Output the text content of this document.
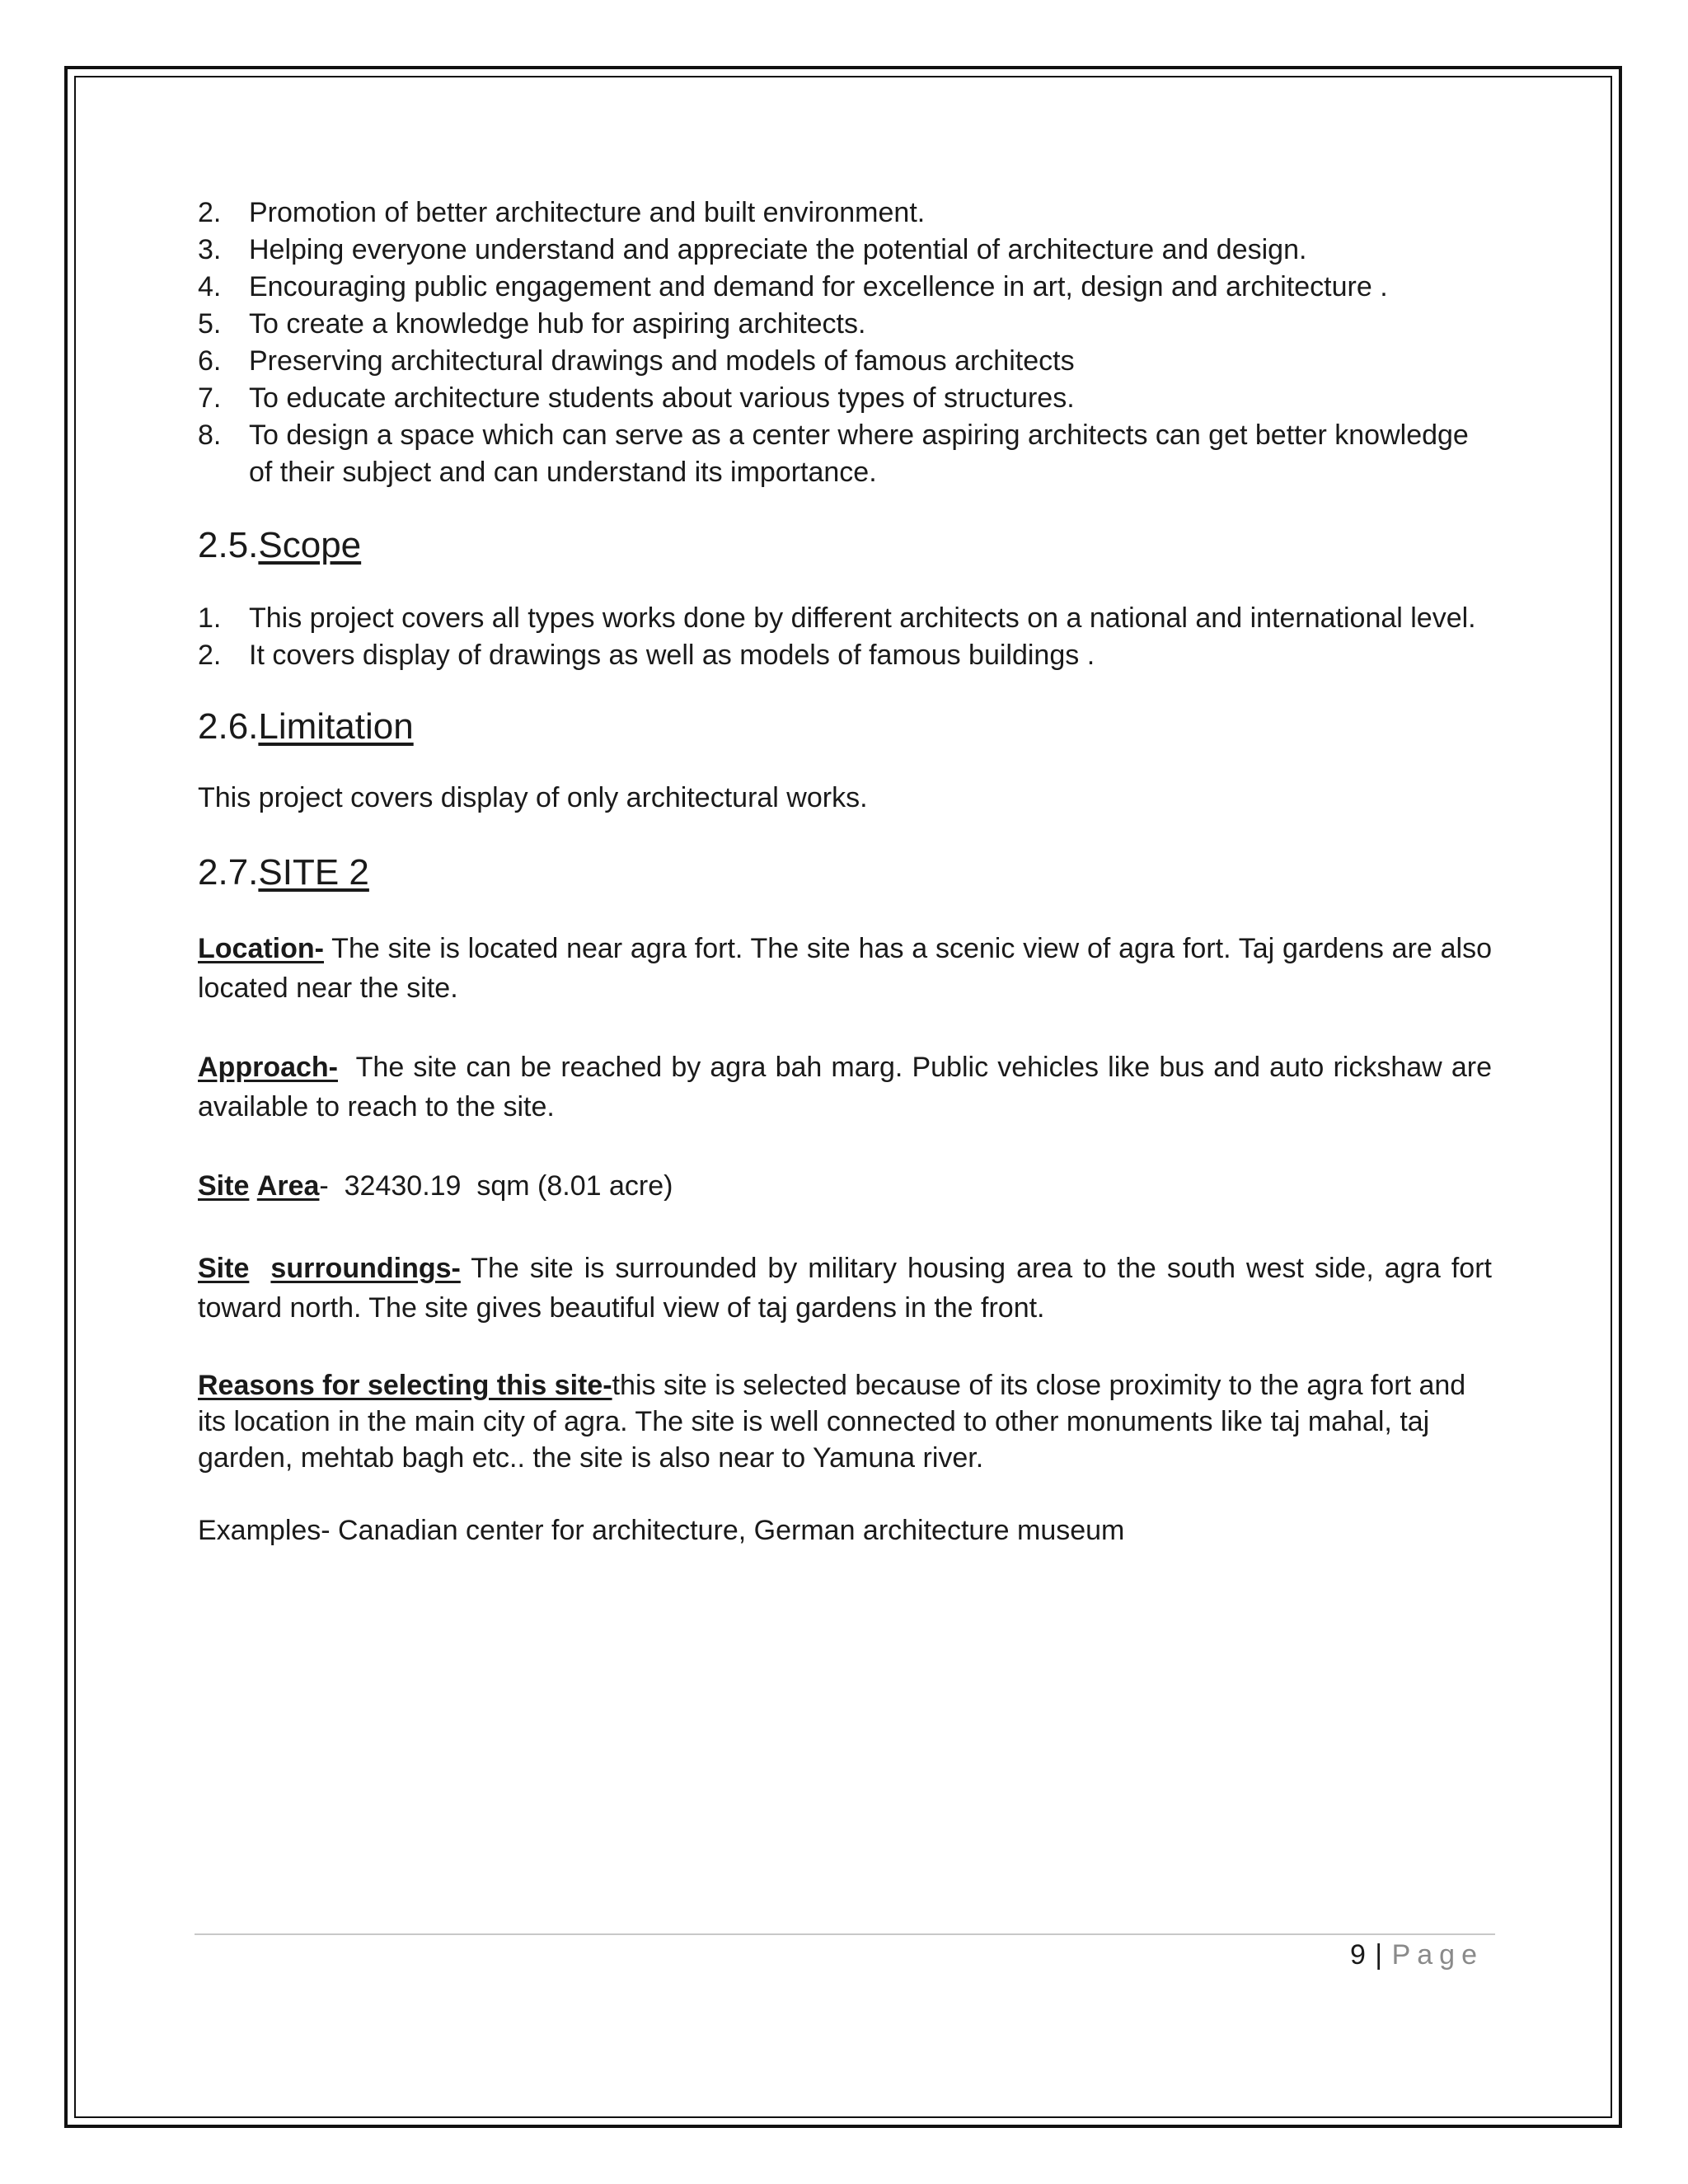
2. Promotion of better architecture and built environment.
3. Helping everyone understand and appreciate the potential of architecture and design.
4. Encouraging public engagement and demand for excellence in art, design and architecture .
5. To create a knowledge hub for aspiring architects.
6. Preserving architectural drawings and models of famous architects
7. To educate architecture students about various types of structures.
8. To design a space which can serve as a center where aspiring architects can get better knowledge of their subject and can understand its importance.
2.5.Scope
1. This project covers all types works done by different architects on a national and international level.
2. It covers display of drawings as well as models of famous buildings .
2.6.Limitation

This project covers display of only architectural works.

2.7.SITE 2

Location- The site is located near agra fort. The site has a scenic view of agra fort. Taj gardens are also located near the site.

Approach-  The site can be reached by agra bah marg. Public vehicles like bus and auto rickshaw are available to reach to the site.

Site Area-  32430.19  sqm (8.01 acre)

Site surroundings- The site is surrounded by military housing area to the south west side, agra fort toward north. The site gives beautiful view of taj gardens in the front.

Reasons for selecting this site-this site is selected because of its close proximity to the agra fort and its location in the main city of agra. The site is well connected to other monuments like taj mahal, taj garden, mehtab bagh etc.. the site is also near to Yamuna river.

Examples- Canadian center for architecture, German architecture museum

9 | Page
